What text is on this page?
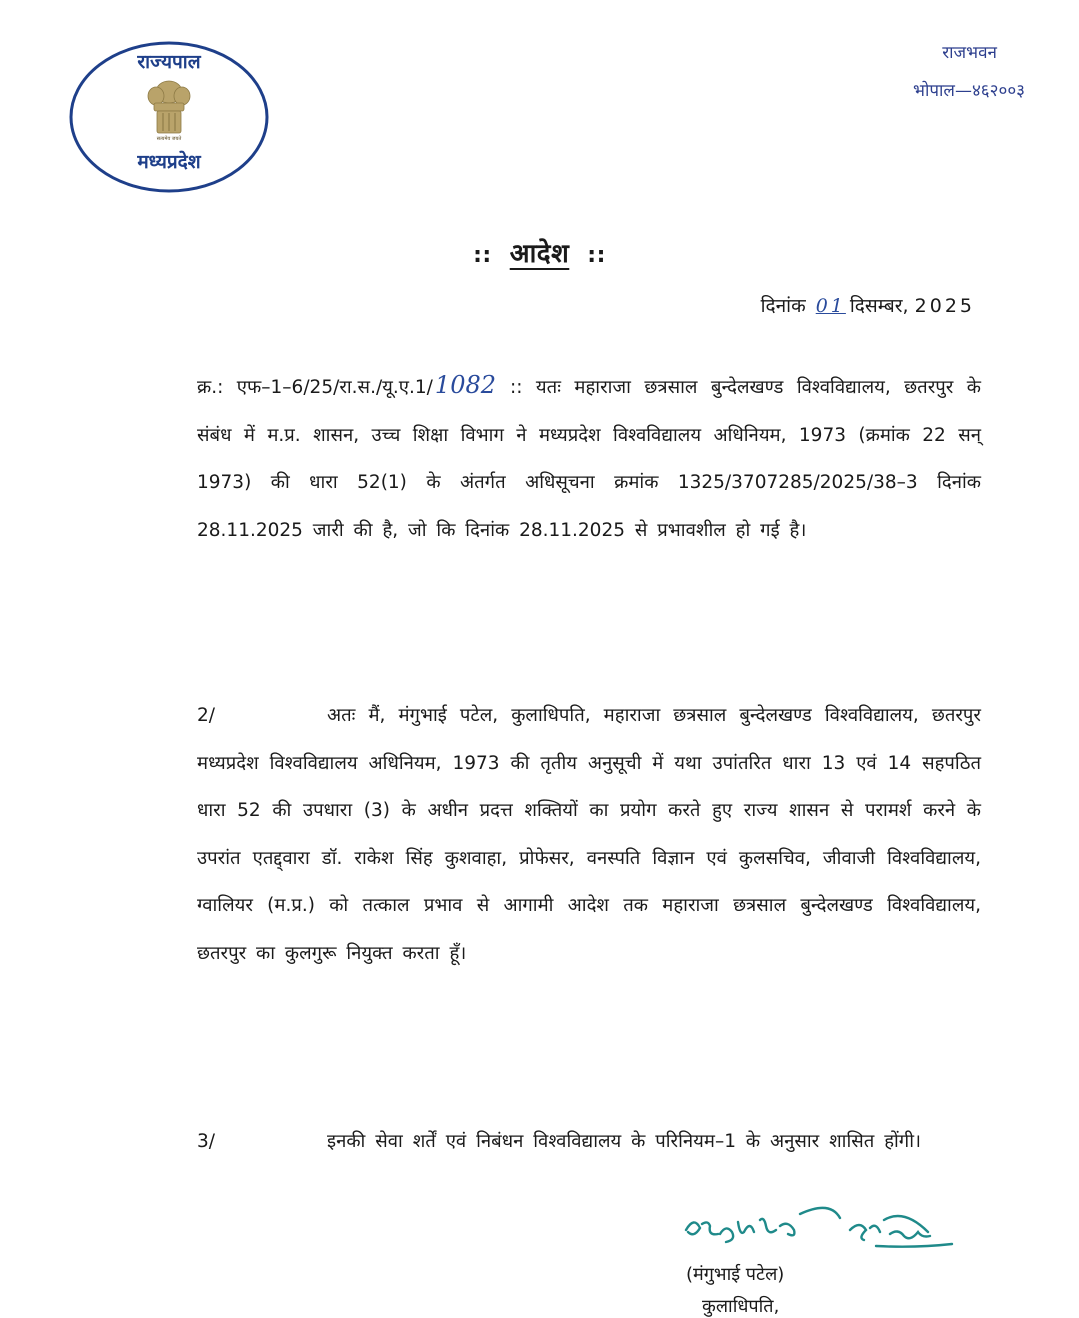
राज्यपाल
सत्यमेव जयते
मध्यप्रदेश
राजभवन
भोपाल—४६२००३
:: आदेश ::
दिनांक 01 दिसम्बर, 2025
क्र.: एफ–1–6/25/रा.स./यू.ए.1/1082 :: यतः महाराजा छत्रसाल बुन्देलखण्ड विश्वविद्यालय, छतरपुर के संबंध में म.प्र. शासन, उच्च शिक्षा विभाग ने मध्यप्रदेश विश्वविद्यालय अधिनियम, 1973 (क्रमांक 22 सन् 1973) की धारा 52(1) के अंतर्गत अधिसूचना क्रमांक 1325/3707285/2025/38–3 दिनांक 28.11.2025 जारी की है, जो कि दिनांक 28.11.2025 से प्रभावशील हो गई है।
2/	अतः मैं, मंगुभाई पटेल, कुलाधिपति, महाराजा छत्रसाल बुन्देलखण्ड विश्वविद्यालय, छतरपुर मध्यप्रदेश विश्वविद्यालय अधिनियम, 1973 की तृतीय अनुसूची में यथा उपांतरित धारा 13 एवं 14 सहपठित धारा 52 की उपधारा (3) के अधीन प्रदत्त शक्तियों का प्रयोग करते हुए राज्य शासन से परामर्श करने के उपरांत एतद्द्वारा डॉ. राकेश सिंह कुशवाहा, प्रोफेसर, वनस्पति विज्ञान एवं कुलसचिव, जीवाजी विश्वविद्यालय, ग्वालियर (म.प्र.) को तत्काल प्रभाव से आगामी आदेश तक महाराजा छत्रसाल बुन्देलखण्ड विश्वविद्यालय, छतरपुर का कुलगुरू नियुक्त करता हूँ।
3/	इनकी सेवा शर्तें एवं निबंधन विश्वविद्यालय के परिनियम–1 के अनुसार शासित होंगी।
(मंगुभाई पटेल)
कुलाधिपति,
